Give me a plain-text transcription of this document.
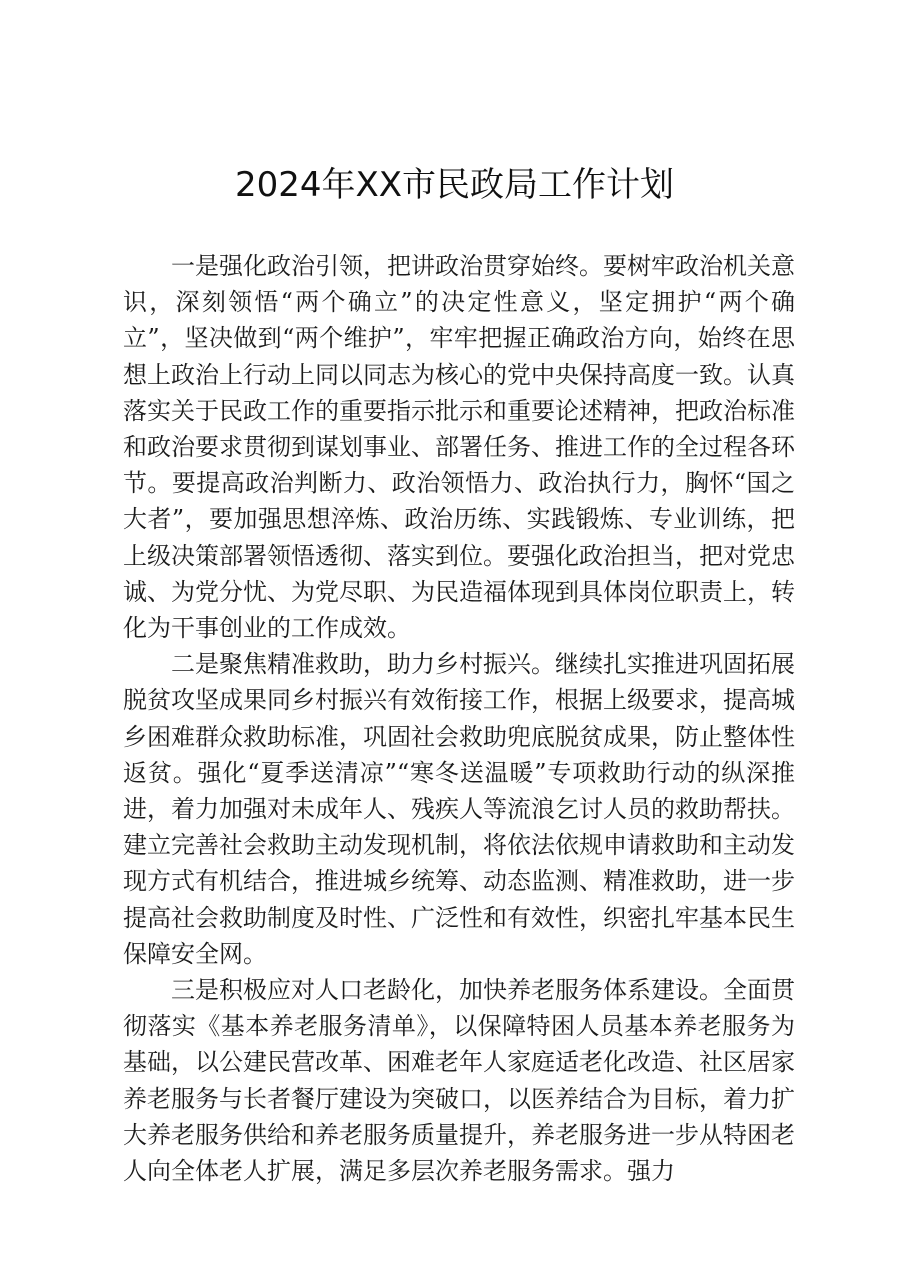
2024年XX市民政局工作计划

一是强化政治引领，把讲政治贯穿始终。要树牢政治机关意识，深刻领悟“两个确立”的决定性意义，坚定拥护“两个确立”，坚决做到“两个维护”，牢牢把握正确政治方向，始终在思想上政治上行动上同以同志为核心的党中央保持高度一致。认真落实关于民政工作的重要指示批示和重要论述精神，把政治标准和政治要求贯彻到谋划事业、部署任务、推进工作的全过程各环节。要提高政治判断力、政治领悟力、政治执行力，胸怀“国之大者”，要加强思想淬炼、政治历练、实践锻炼、专业训练，把上级决策部署领悟透彻、落实到位。要强化政治担当，把对党忠诚、为党分忧、为党尽职、为民造福体现到具体岗位职责上，转化为干事创业的工作成效。

二是聚焦精准救助，助力乡村振兴。继续扎实推进巩固拓展脱贫攻坚成果同乡村振兴有效衔接工作，根据上级要求，提高城乡困难群众救助标准，巩固社会救助兜底脱贫成果，防止整体性返贫。强化“夏季送清凉”“寒冬送温暖”专项救助行动的纵深推进，着力加强对未成年人、残疾人等流浪乞讨人员的救助帮扶。建立完善社会救助主动发现机制，将依法依规申请救助和主动发现方式有机结合，推进城乡统筹、动态监测、精准救助，进一步提高社会救助制度及时性、广泛性和有效性，织密扎牢基本民生保障安全网。

三是积极应对人口老龄化，加快养老服务体系建设。全面贯彻落实《基本养老服务清单》，以保障特困人员基本养老服务为基础，以公建民营改革、困难老年人家庭适老化改造、社区居家养老服务与长者餐厅建设为突破口，以医养结合为目标，着力扩大养老服务供给和养老服务质量提升，养老服务进一步从特困老人向全体老人扩展，满足多层次养老服务需求。强力
